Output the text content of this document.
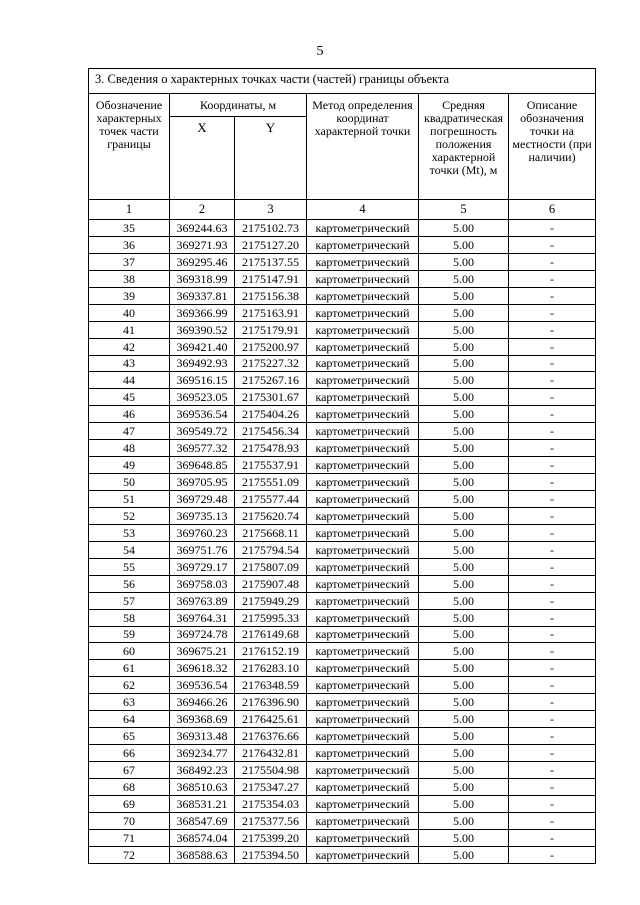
5
3. Сведения о характерных точках части (частей) границы объекта					
Обозначение характерных точек части границы	Координаты, м		Метод определения координат характерной точки	Средняя квадратическая погрешность положения характерной точки (Mt), м	Описание обозначения точки на местности (при наличии)
	X	Y			
1	2	3	4	5	6
35	369244.63	2175102.73	картометрический	5.00	-
36	369271.93	2175127.20	картометрический	5.00	-
37	369295.46	2175137.55	картометрический	5.00	-
38	369318.99	2175147.91	картометрический	5.00	-
39	369337.81	2175156.38	картометрический	5.00	-
40	369366.99	2175163.91	картометрический	5.00	-
41	369390.52	2175179.91	картометрический	5.00	-
42	369421.40	2175200.97	картометрический	5.00	-
43	369492.93	2175227.32	картометрический	5.00	-
44	369516.15	2175267.16	картометрический	5.00	-
45	369523.05	2175301.67	картометрический	5.00	-
46	369536.54	2175404.26	картометрический	5.00	-
47	369549.72	2175456.34	картометрический	5.00	-
48	369577.32	2175478.93	картометрический	5.00	-
49	369648.85	2175537.91	картометрический	5.00	-
50	369705.95	2175551.09	картометрический	5.00	-
51	369729.48	2175577.44	картометрический	5.00	-
52	369735.13	2175620.74	картометрический	5.00	-
53	369760.23	2175668.11	картометрический	5.00	-
54	369751.76	2175794.54	картометрический	5.00	-
55	369729.17	2175807.09	картометрический	5.00	-
56	369758.03	2175907.48	картометрический	5.00	-
57	369763.89	2175949.29	картометрический	5.00	-
58	369764.31	2175995.33	картометрический	5.00	-
59	369724.78	2176149.68	картометрический	5.00	-
60	369675.21	2176152.19	картометрический	5.00	-
61	369618.32	2176283.10	картометрический	5.00	-
62	369536.54	2176348.59	картометрический	5.00	-
63	369466.26	2176396.90	картометрический	5.00	-
64	369368.69	2176425.61	картометрический	5.00	-
65	369313.48	2176376.66	картометрический	5.00	-
66	369234.77	2176432.81	картометрический	5.00	-
67	368492.23	2175504.98	картометрический	5.00	-
68	368510.63	2175347.27	картометрический	5.00	-
69	368531.21	2175354.03	картометрический	5.00	-
70	368547.69	2175377.56	картометрический	5.00	-
71	368574.04	2175399.20	картометрический	5.00	-
72	368588.63	2175394.50	картометрический	5.00	-
